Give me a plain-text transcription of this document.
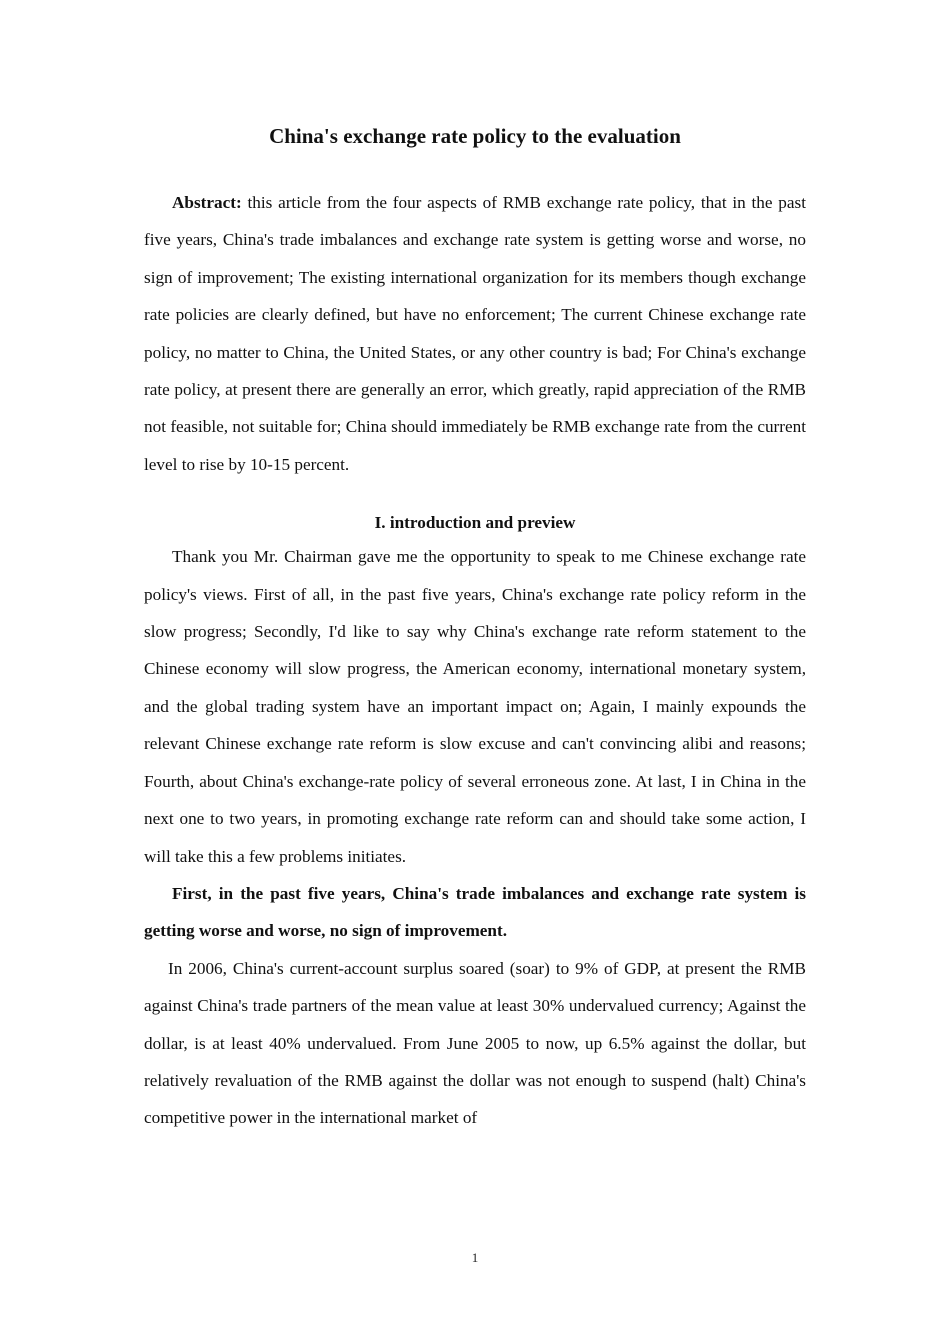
China's exchange rate policy to the evaluation

Abstract: this article from the four aspects of RMB exchange rate policy, that in the past five years, China's trade imbalances and exchange rate system is getting worse and worse, no sign of improvement; The existing international organization for its members though exchange rate policies are clearly defined, but have no enforcement; The current Chinese exchange rate policy, no matter to China, the United States, or any other country is bad; For China's exchange rate policy, at present there are generally an error, which greatly, rapid appreciation of the RMB not feasible, not suitable for; China should immediately be RMB exchange rate from the current level to rise by 10-15 percent.

I. introduction and preview

Thank you Mr. Chairman gave me the opportunity to speak to me Chinese exchange rate policy's views. First of all, in the past five years, China's exchange rate policy reform in the slow progress; Secondly, I'd like to say why China's exchange rate reform statement to the Chinese economy will slow progress, the American economy, international monetary system, and the global trading system have an important impact on; Again, I mainly expounds the relevant Chinese exchange rate reform is slow excuse and can't convincing alibi and reasons; Fourth, about China's exchange-rate policy of several erroneous zone. At last, I in China in the next one to two years, in promoting exchange rate reform can and should take some action, I will take this a few problems initiates.

First, in the past five years, China's trade imbalances and exchange rate system is getting worse and worse, no sign of improvement.

In 2006, China's current-account surplus soared (soar) to 9% of GDP, at present the RMB against China's trade partners of the mean value at least 30% undervalued currency; Against the dollar, is at least 40% undervalued. From June 2005 to now, up 6.5% against the dollar, but relatively revaluation of the RMB against the dollar was not enough to suspend (halt) China's competitive power in the international market of

1
